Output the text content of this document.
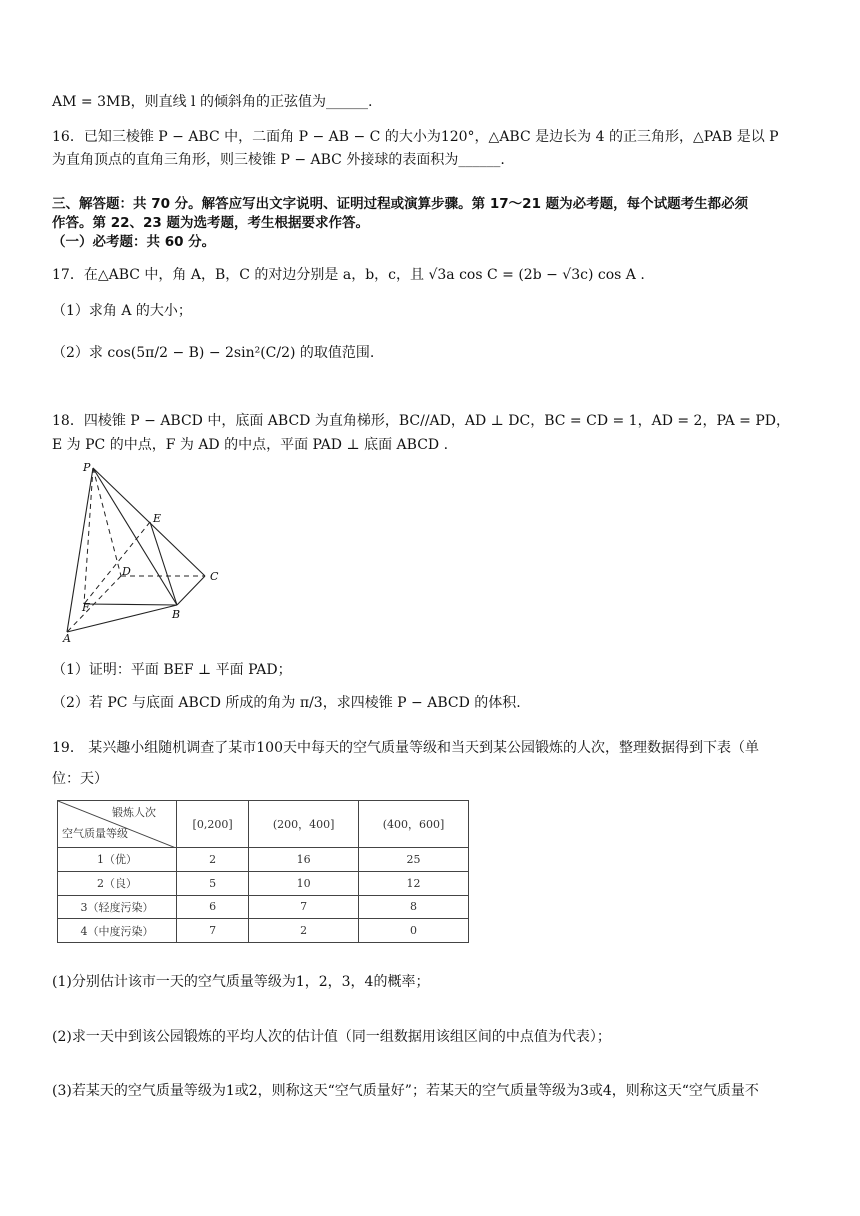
AM = 3MB，则直线 l 的倾斜角的正弦值为______.
16．已知三棱锥 P − ABC 中，二面角 P − AB − C 的大小为120°，△ABC 是边长为 4 的正三角形，△PAB 是以 P
为直角顶点的直角三角形，则三棱锥 P − ABC 外接球的表面积为______.
三、解答题：共 70 分。解答应写出文字说明、证明过程或演算步骤。第 17～21 题为必考题，每个试题考生都必须
作答。第 22、23 题为选考题，考生根据要求作答。
（一）必考题：共 60 分。
17．在△ABC 中，角 A，B，C 的对边分别是 a，b，c，且 √3a cos C = (2b − √3c) cos A .
（1）求角 A 的大小；
（2）求 cos(5π/2 − B) − 2sin²(C/2) 的取值范围.
18．四棱锥 P − ABCD 中，底面 ABCD 为直角梯形，BC//AD，AD ⊥ DC，BC = CD = 1，AD = 2，PA = PD，
E 为 PC 的中点，F 为 AD 的中点，平面 PAD ⊥ 底面 ABCD .
P
E
D	C
F
B
A
（1）证明：平面 BEF ⊥ 平面 PAD；
（2）若 PC 与底面 ABCD 所成的角为 π/3，求四棱锥 P − ABCD 的体积.
19． 某兴趣小组随机调查了某市100天中每天的空气质量等级和当天到某公园锻炼的人次，整理数据得到下表（单
位：天）
锻炼人次
空气质量等级	[0,200]	(200，400]	(400，600]
1（优）	2	16	25
2（良）	5	10	12
3（轻度污染）	6	7	8
4（中度污染）	7	2	0
(1)分别估计该市一天的空气质量等级为1，2，3，4的概率；
(2)求一天中到该公园锻炼的平均人次的估计值（同一组数据用该组区间的中点值为代表）；
(3)若某天的空气质量等级为1或2，则称这天“空气质量好”；若某天的空气质量等级为3或4，则称这天“空气质量不
